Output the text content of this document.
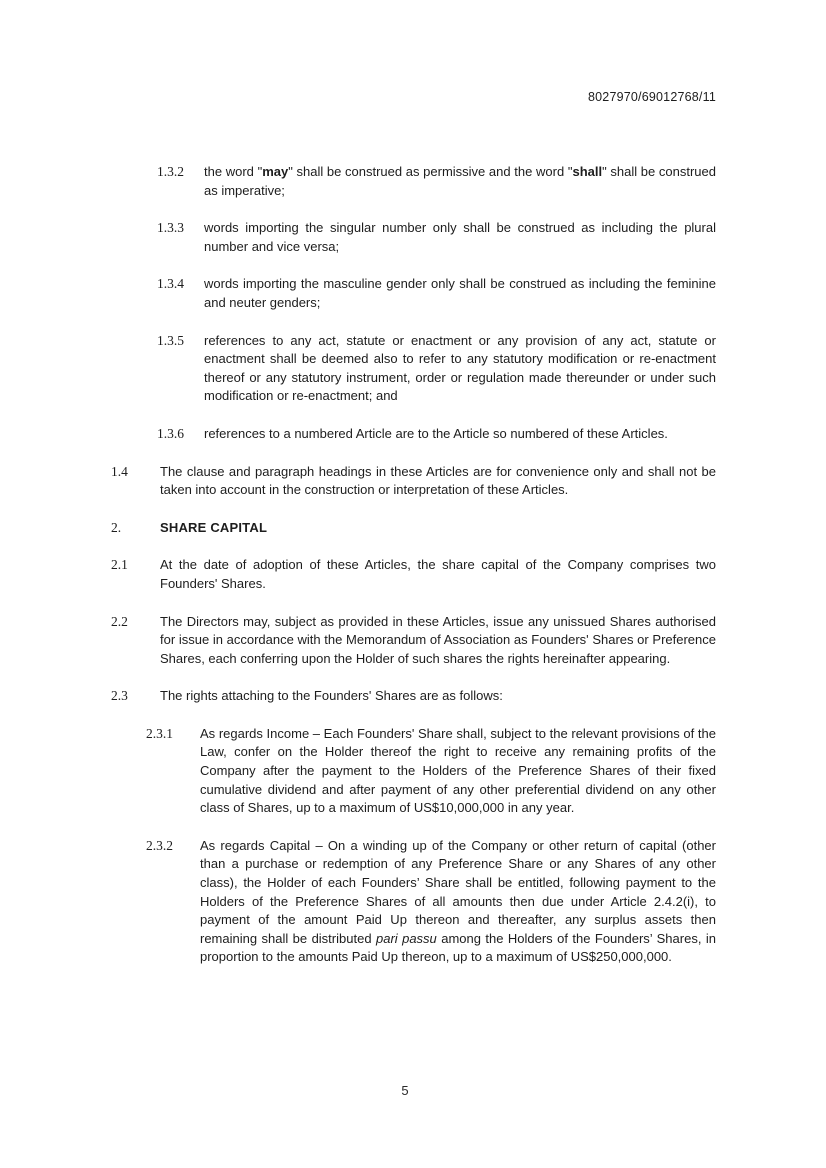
8027970/69012768/11
1.3.2	the word "may" shall be construed as permissive and the word "shall" shall be construed as imperative;

1.3.3	words importing the singular number only shall be construed as including the plural number and vice versa;

1.3.4	words importing the masculine gender only shall be construed as including the feminine and neuter genders;

1.3.5	references to any act, statute or enactment or any provision of any act, statute or enactment shall be deemed also to refer to any statutory modification or re-enactment thereof or any statutory instrument, order or regulation made thereunder or under such modification or re-enactment; and

1.3.6	references to a numbered Article are to the Article so numbered of these Articles.

1.4	The clause and paragraph headings in these Articles are for convenience only and shall not be taken into account in the construction or interpretation of these Articles.

2.	SHARE CAPITAL

2.1	At the date of adoption of these Articles, the share capital of the Company comprises two Founders' Shares.

2.2	The Directors may, subject as provided in these Articles, issue any unissued Shares authorised for issue in accordance with the Memorandum of Association as Founders' Shares or Preference Shares, each conferring upon the Holder of such shares the rights hereinafter appearing.

2.3	The rights attaching to the Founders' Shares are as follows:

2.3.1	As regards Income – Each Founders' Share shall, subject to the relevant provisions of the Law, confer on the Holder thereof the right to receive any remaining profits of the Company after the payment to the Holders of the Preference Shares of their fixed cumulative dividend and after payment of any other preferential dividend on any other class of Shares, up to a maximum of US$10,000,000 in any year.

2.3.2	As regards Capital – On a winding up of the Company or other return of capital (other than a purchase or redemption of any Preference Share or any Shares of any other class), the Holder of each Founders’ Share shall be entitled, following payment to the Holders of the Preference Shares of all amounts then due under Article 2.4.2(i), to payment of the amount Paid Up thereon and thereafter, any surplus assets then remaining shall be distributed pari passu among the Holders of the Founders’ Shares, in proportion to the amounts Paid Up thereon, up to a maximum of US$250,000,000.

5
